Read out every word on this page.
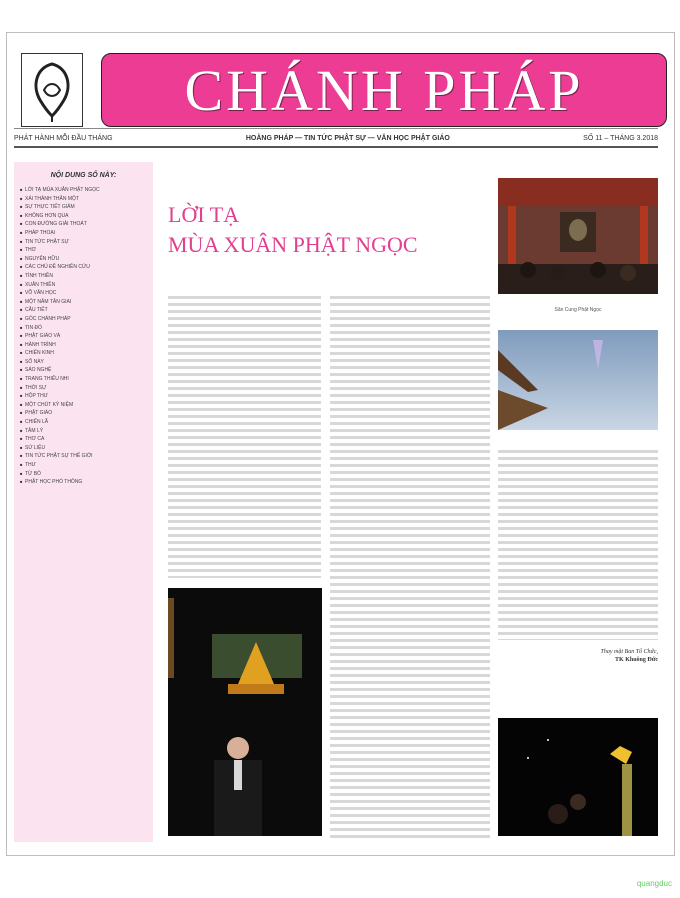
CHÁNH PHÁP
PHÁT HÀNH MỖI ĐẦU THÁNG	HOẰNG PHÁP — TIN TỨC PHẬT SỰ — VĂN HỌC PHẬT GIÁO	SỐ 11 – THÁNG 3.2018
NỘI DUNG SỐ NÀY:
■ LỜI TẠ MÙA XUÂN PHẬT NGỌC
■ XÁI THÀNH THÂN MỘT
■ SỰ THỰC TIẾT GIẢM
■ KHÔNG HƠN QUA
■ CON ĐƯỜNG GIẢI THOÁT
■ PHÁP THOẠI
■ TIN TỨC PHẬT SỰ
■ THƠ
■ NGUYỄN HỮU
■ CÁC CHỦ ĐỀ NGHIÊN CỨU
■ TÌNH THIỀN
■ XUÂN THIỀN
■ VÕ VĂN HỌC
■ MỘT NĂM TÂN GIAI
■ CÂU TIẾT
■ GÓC CHÁNH PHÁP
■ TIN ĐỔ
■ PHẬT GIÁO VÀ
■ HÀNH TRÌNH
■ CHIẾN KINH
■ SỐ NÀY
■ SÁO NGHỆ
■ TRANG THIẾU NHI
■ THỜI SỰ
■ HỘP THƯ
■ MỘT CHÚT KỶ NIỆM
■ PHẬT GIÁO
■ CHIẾN LÃ
■ TÂM LÝ
■ THƠ CA
■ SỬ LIỆU
■ TIN TỨC PHẬT SỰ THẾ GIỚI
■ THƯ
■ TỪ BỎ
■ PHẬT HỌC PHỔ THÔNG
LỜI TẠ
MÙA XUÂN PHẬT NGỌC
Thay mặt Ban Tổ Chức,
TK Khuông Đức
Sân Cung Phật Ngọc
quangduc
